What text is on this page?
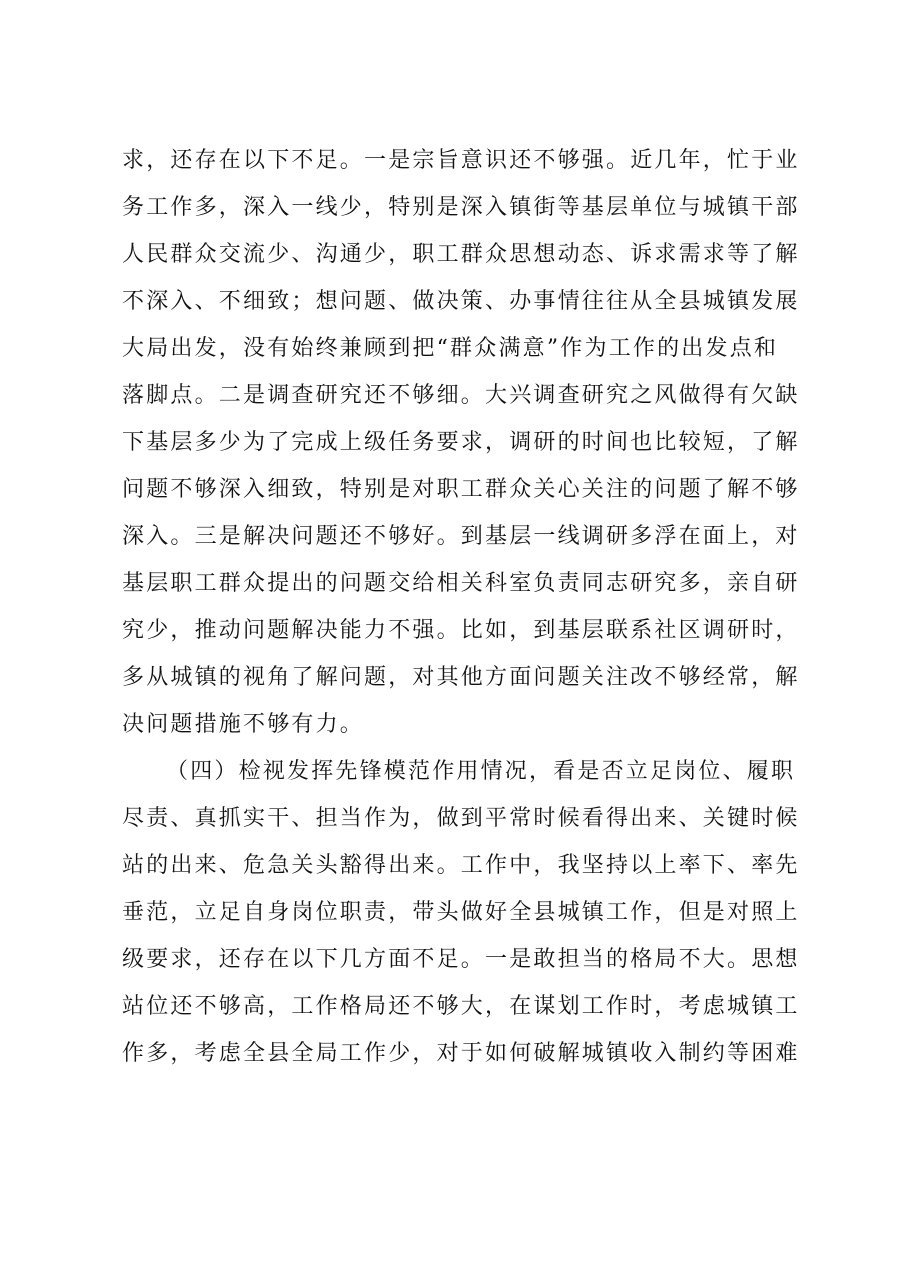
求，还存在以下不足。一是宗旨意识还不够强。近几年，忙于业
务工作多，深入一线少，特别是深入镇街等基层单位与城镇干部
人民群众交流少、沟通少，职工群众思想动态、诉求需求等了解
不深入、不细致；想问题、做决策、办事情往往从全县城镇发展
大局出发，没有始终兼顾到把“群众满意”作为工作的出发点和
落脚点。二是调查研究还不够细。大兴调查研究之风做得有欠缺
下基层多少为了完成上级任务要求，调研的时间也比较短，了解
问题不够深入细致，特别是对职工群众关心关注的问题了解不够
深入。三是解决问题还不够好。到基层一线调研多浮在面上，对
基层职工群众提出的问题交给相关科室负责同志研究多，亲自研
究少，推动问题解决能力不强。比如，到基层联系社区调研时，
多从城镇的视角了解问题，对其他方面问题关注改不够经常，解
决问题措施不够有力。
（四）检视发挥先锋模范作用情况，看是否立足岗位、履职
尽责、真抓实干、担当作为，做到平常时候看得出来、关键时候
站的出来、危急关头豁得出来。工作中，我坚持以上率下、率先
垂范，立足自身岗位职责，带头做好全县城镇工作，但是对照上
级要求，还存在以下几方面不足。一是敢担当的格局不大。思想
站位还不够高，工作格局还不够大，在谋划工作时，考虑城镇工
作多，考虑全县全局工作少，对于如何破解城镇收入制约等困难
